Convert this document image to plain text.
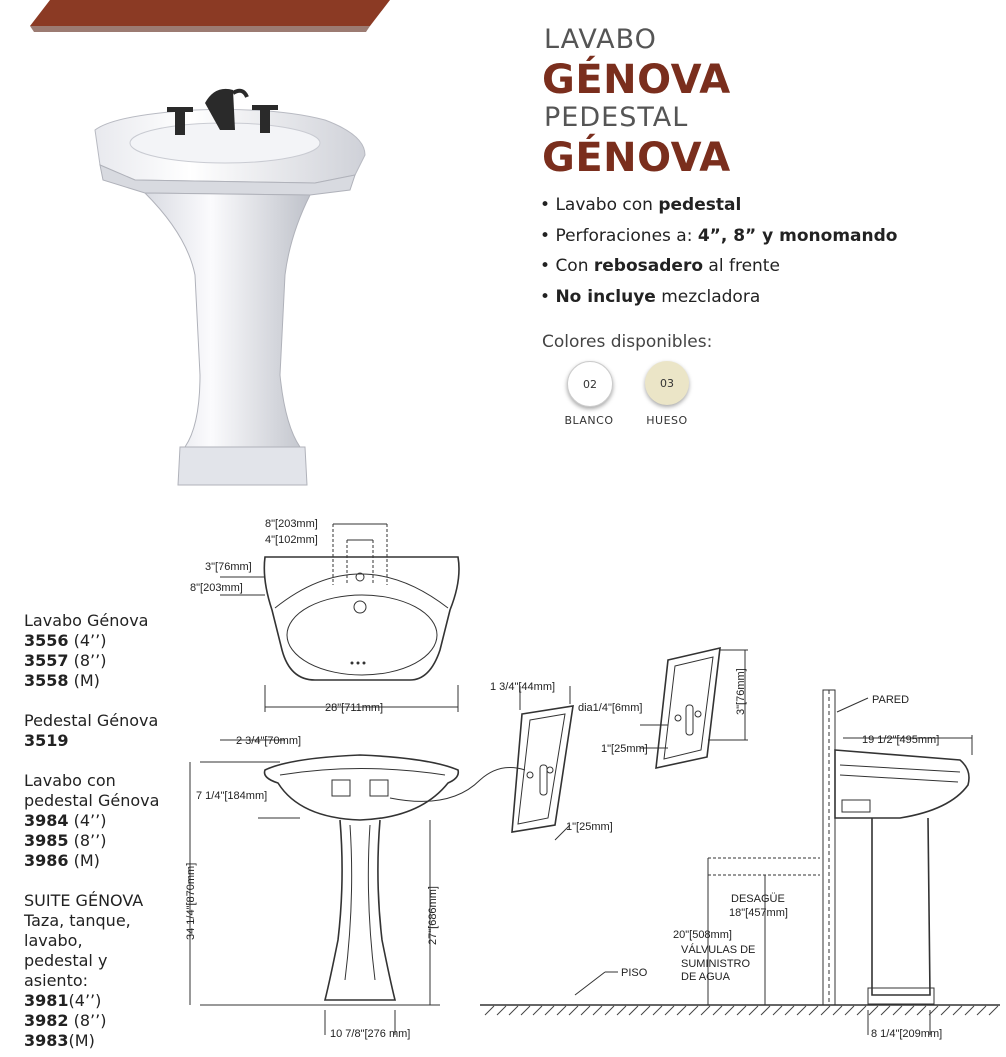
LAVABO
GÉNOVA
PEDESTAL
GÉNOVA
• Lavabo con pedestal
• Perforaciones a: 4”, 8” y monomando
• Con rebosadero al frente
• No incluye mezcladora
Colores disponibles:
02	03
BLANCO	HUESO
Lavabo Génova
3556 (4’’)
3557 (8’’)
3558 (M)
Pedestal Génova
3519
Lavabo con
pedestal Génova
3984 (4’’)
3985 (8’’)
3986 (M)
SUITE GÉNOVA
Taza, tanque,
lavabo,
pedestal y
asiento:
3981(4’’)
3982 (8’’)
3983(M)
8"[203mm]
4"[102mm]
3"[76mm]
8"[203mm]
28"[711mm]
2 3/4"[70mm]
7 1/4"[184mm]
34 1/4"[870mm]	27"[686mm]
10 7/8"[276 mm]
1 3/4"[44mm]
dia1/4"[6mm]
1"[25mm]
3"[76mm]
1"[25mm]
PARED
19 1/2"[495mm]
8 1/4"[209mm]
DESAGÜE
18"[457mm]
20"[508mm]
VÁLVULAS DE
SUMINISTRO
DE AGUA
PISO
